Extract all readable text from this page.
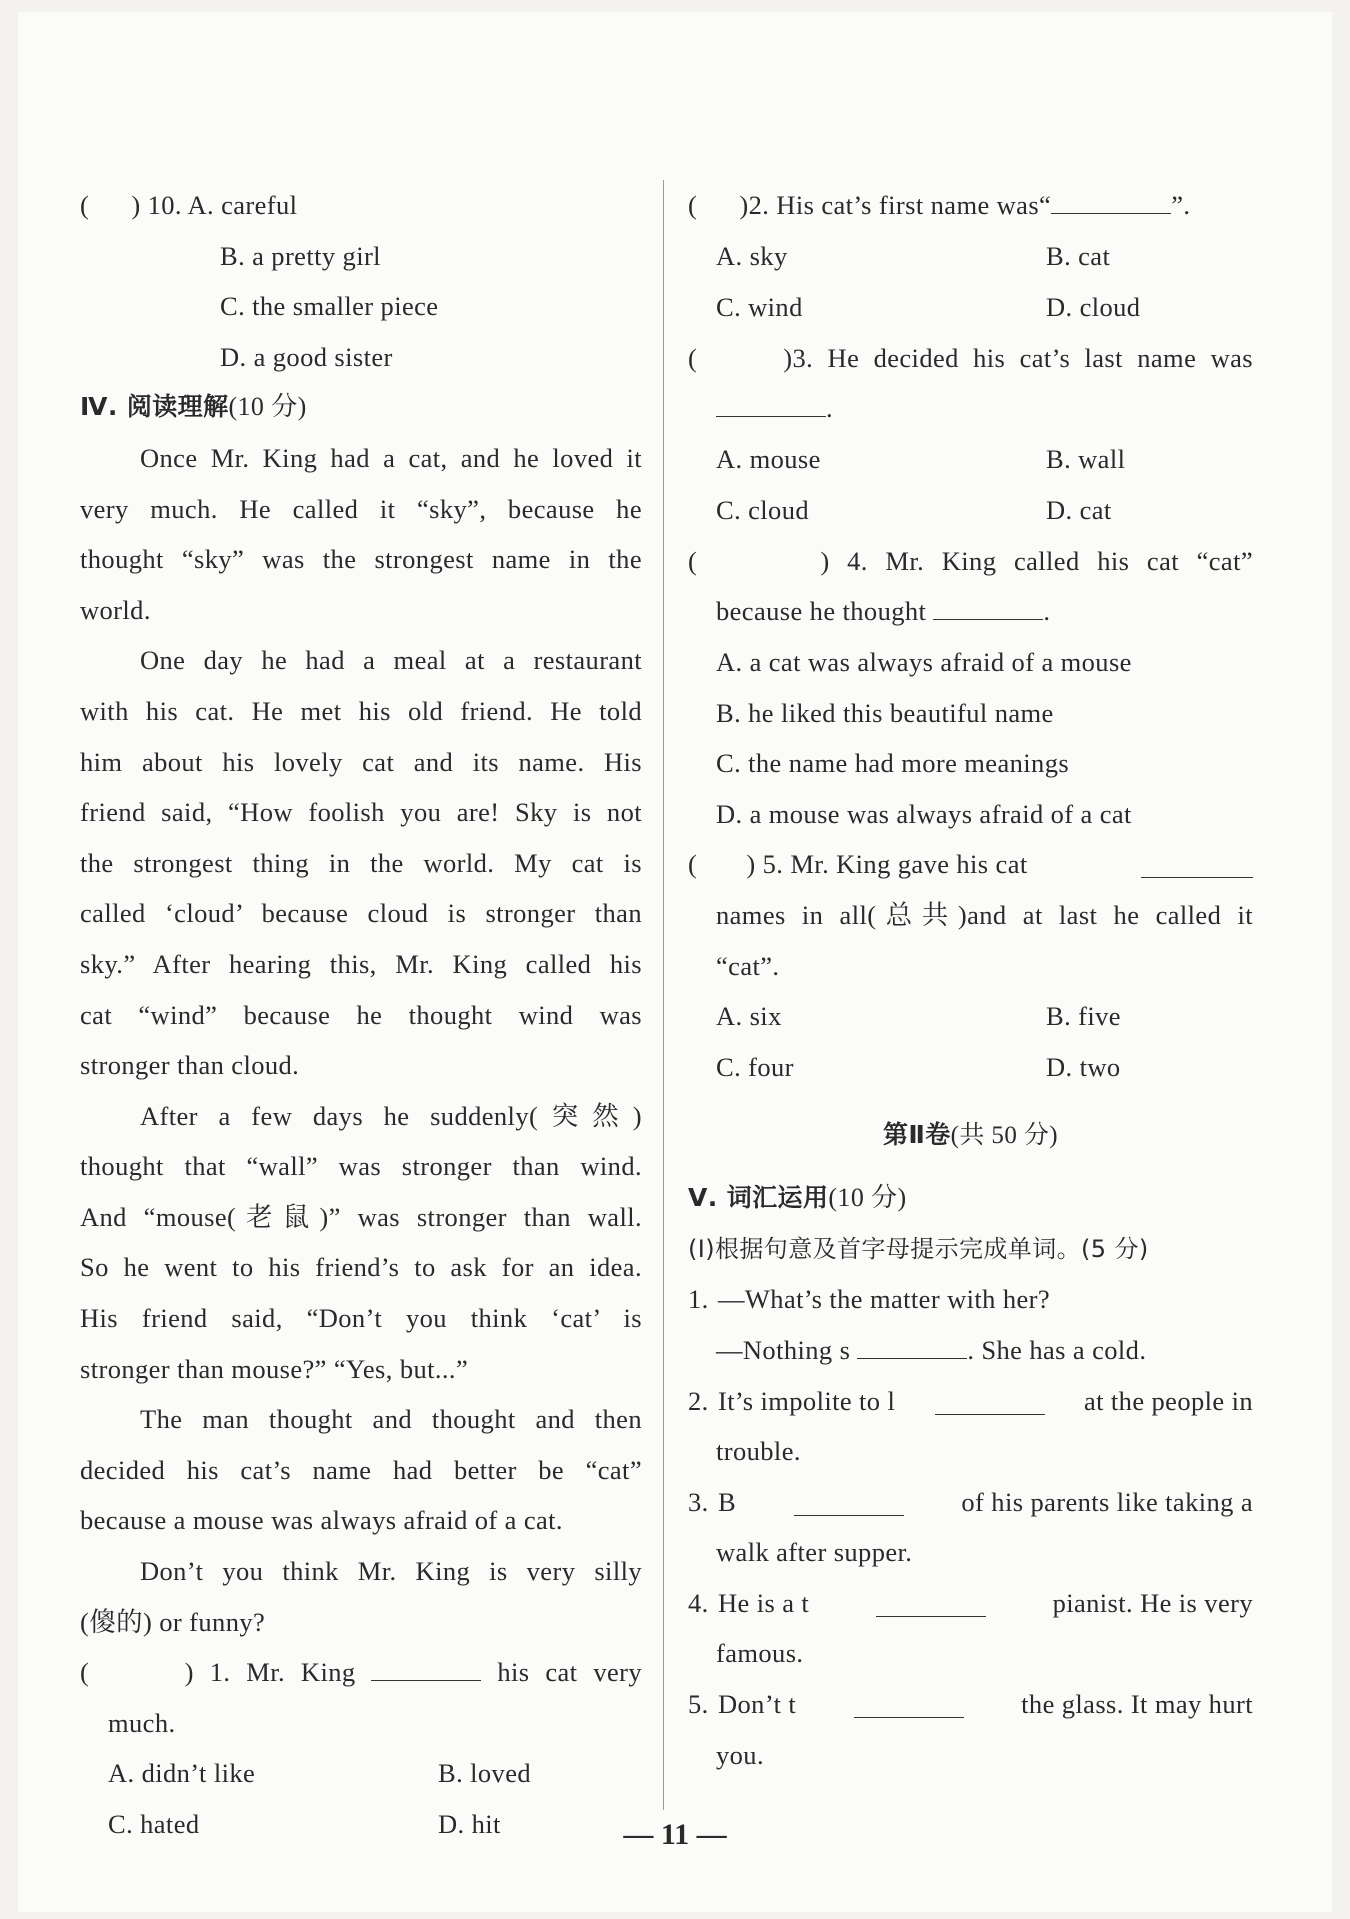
(      ) 10. A. careful
B. a pretty girl
C. the smaller piece
D. a good sister
Ⅳ. 阅读理解(10 分)
Once Mr. King had a cat, and he loved it
very much. He called it “sky”, because he
thought “sky” was the strongest name in the
world.
One day he had a meal at a restaurant
with his cat. He met his old friend. He told
him about his lovely cat and its name. His
friend said, “How foolish you are! Sky is not
the strongest thing in the world. My cat is
called ‘cloud’ because cloud is stronger than
sky.” After hearing this, Mr. King called his
cat “wind” because he thought wind was
stronger than cloud.
After a few days he suddenly(突然)
thought that “wall” was stronger than wind.
And “mouse(老鼠)” was stronger than wall.
So he went to his friend’s to ask for an idea.
His friend said, “Don’t you think ‘cat’ is
stronger than mouse?” “Yes, but...”
The man thought and thought and then
decided his cat’s name had better be “cat”
because a mouse was always afraid of a cat.
Don’t you think Mr. King is very silly
(傻的) or funny?
(      ) 1. Mr. King	his cat very
much.
A. didn’t like	B. loved
C. hated	D. hit
(      )2. His cat’s first name was“	”.
A. sky	B. cat
C. wind	D. cloud
(      )3. He decided his cat’s last name was
.
A. mouse	B. wall
C. cloud	D. cat
(       ) 4. Mr. King called his cat “cat”
because he thought	.
A. a cat was always afraid of a mouse
B. he liked this beautiful name
C. the name had more meanings
D. a mouse was always afraid of a cat
(       ) 5. Mr. King gave his cat
names in all(总共)and at last he called it
“cat”.
A. six	B. five
C. four	D. two
第Ⅱ卷(共 50 分)
Ⅴ. 词汇运用(10 分)
(Ⅰ)根据句意及首字母提示完成单词。(5 分)
1. —What’s the matter with her?
—Nothing s	. She has a cold.
2. It’s impolite to l	at the people in
trouble.
3. B	of his parents like taking a
walk after supper.
4. He is a t	pianist. He is very
famous.
5. Don’t t	the glass. It may hurt
you.
— 11 —
